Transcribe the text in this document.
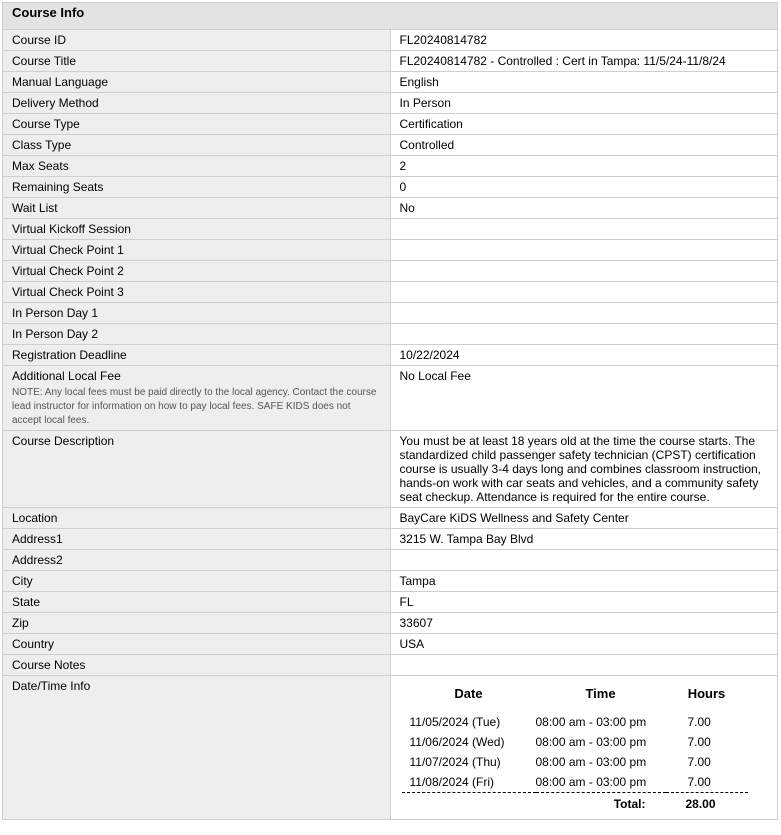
Course Info
Course ID	FL20240814782
Course Title	FL20240814782 - Controlled : Cert in Tampa: 11/5/24-11/8/24
Manual Language	English
Delivery Method	In Person
Course Type	Certification
Class Type	Controlled
Max Seats	2
Remaining Seats	0
Wait List	No
Virtual Kickoff Session	
Virtual Check Point 1	
Virtual Check Point 2	
Virtual Check Point 3	
In Person Day 1	
In Person Day 2	
Registration Deadline	10/22/2024

Additional Local Fee
NOTE: Any local fees must be paid directly to the local agency. Contact the course lead instructor for information on how to pay local fees. SAFE KIDS does not accept local fees.
	No Local Fee
Course Description	You must be at least 18 years old at the time the course starts. The standardized child passenger safety technician (CPST) certification course is usually 3-4 days long and combines classroom instruction, hands-on work with car seats and vehicles, and a community safety seat checkup. Attendance is required for the entire course.

Location	BayCare KiDS Wellness and Safety Center
Address1	3215 W. Tampa Bay Blvd
Address2	
City	Tampa
State	FL
Zip	33607
Country	USA
Course Notes	
Date/Time Info		Date	Time	Hours
11/05/2024 (Tue)	08:00 am - 03:00 pm	7.00
11/06/2024 (Wed)	08:00 am - 03:00 pm	7.00
11/07/2024 (Thu)	08:00 am - 03:00 pm	7.00
11/08/2024 (Fri)	08:00 am - 03:00 pm	7.00
	Total:	28.00
